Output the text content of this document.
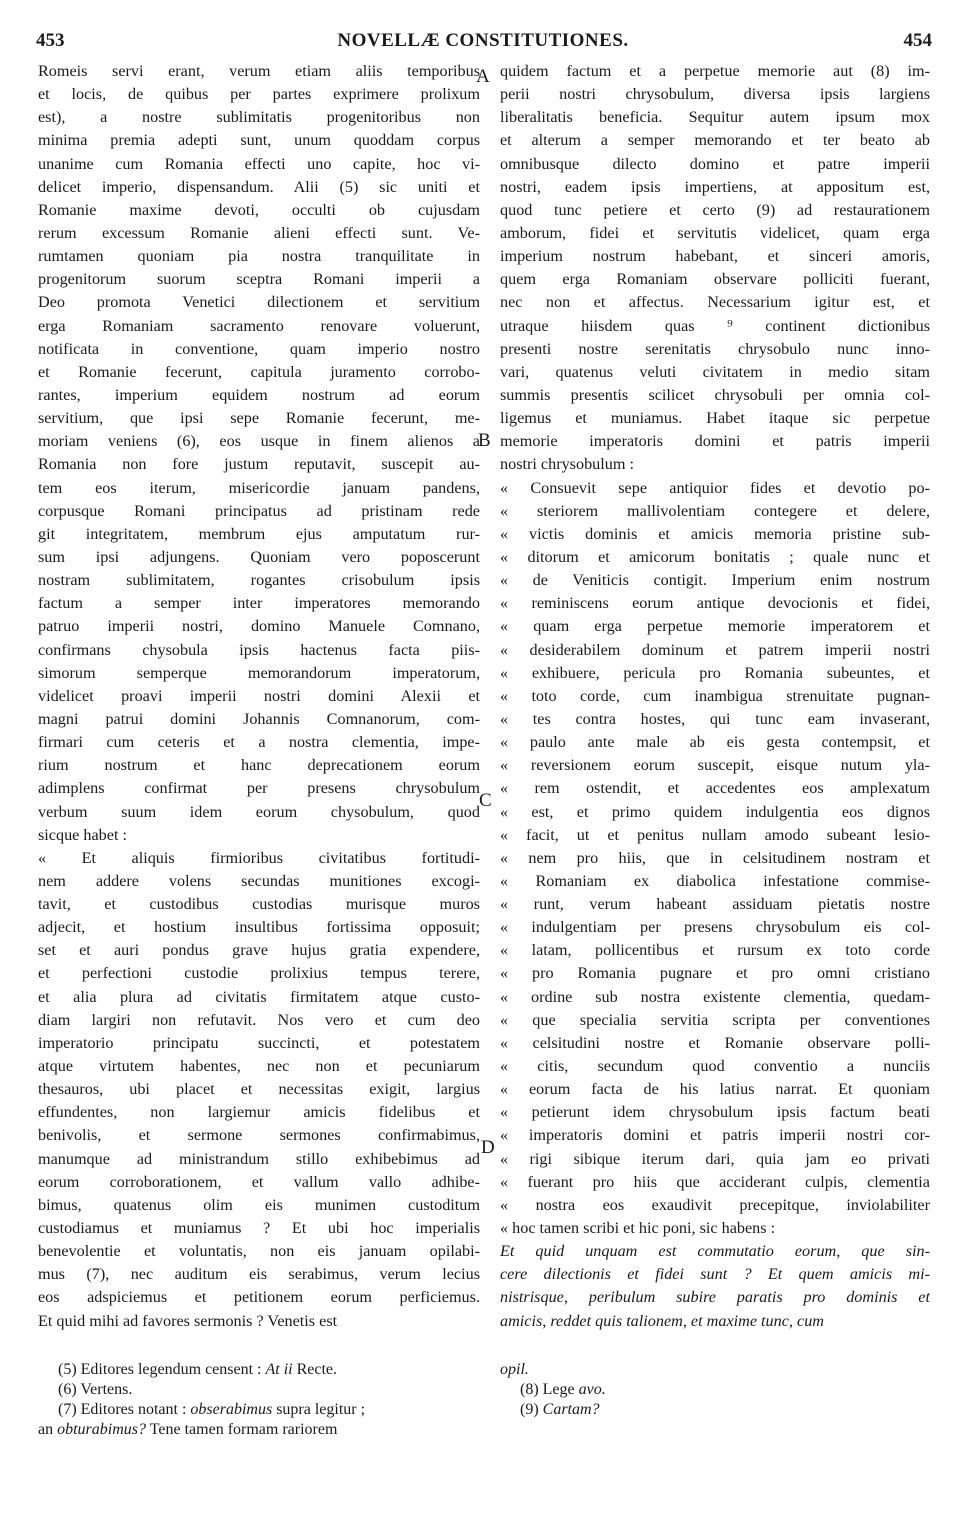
453	NOVELLÆ CONSTITUTIONES.	454
Romeis servi erant, verum etiam aliis temporibus
et locis, de quibus per partes exprimere prolixum
est), a nostre sublimitatis progenitoribus non
minima premia adepti sunt, unum quoddam corpus
unanime cum Romania effecti uno capite, hoc vi-
delicet imperio, dispensandum. Alii (5) sic uniti et
Romanie maxime devoti, occulti ob cujusdam
rerum excessum Romanie alieni effecti sunt. Ve-
rumtamen quoniam pia nostra tranquilitate in
progenitorum suorum sceptra Romani imperii a
Deo promota Venetici dilectionem et servitium
erga Romaniam sacramento renovare voluerunt,
notificata in conventione, quam imperio nostro
et Romanie fecerunt, capitula juramento corrobo-
rantes, imperium equidem nostrum ad eorum
servitium, que ipsi sepe Romanie fecerunt, me-
moriam veniens (6), eos usque in finem alienos a
Romania non fore justum reputavit, suscepit au-
tem eos iterum, misericordie januam pandens,
corpusque Romani principatus ad pristinam rede
git integritatem, membrum ejus amputatum rur-
sum ipsi adjungens. Quoniam vero poposcerunt
nostram sublimitatem, rogantes crisobulum ipsis
factum a semper inter imperatores memorando
patruo imperii nostri, domino Manuele Comnano,
confirmans chysobula ipsis hactenus facta piis-
simorum semperque memorandorum imperatorum,
videlicet proavi imperii nostri domini Alexii et
magni patrui domini Johannis Comnanorum, com-
firmari cum ceteris et a nostra clementia, impe-
rium nostrum et hanc deprecationem eorum
adimplens confirmat per presens chrysobulum
verbum suum idem eorum chysobulum, quod
sicque habet :
« Et aliquis firmioribus civitatibus fortitudi-
nem addere volens secundas munitiones excogi-
tavit, et custodibus custodias murisque muros
adjecit, et hostium insultibus fortissima opposuit;
set et auri pondus grave hujus gratia expendere,
et perfectioni custodie prolixius tempus terere,
et alia plura ad civitatis firmitatem atque custo-
diam largiri non refutavit. Nos vero et cum deo
imperatorio principatu succincti, et potestatem
atque virtutem habentes, nec non et pecuniarum
thesauros, ubi placet et necessitas exigit, largius
effundentes, non largiemur amicis fidelibus et
benivolis, et sermone sermones confirmabimus,
manumque ad ministrandum stillo exhibebimus ad
eorum corroborationem, et vallum vallo adhibe-
bimus, quatenus olim eis munimen custoditum
custodiamus et muniamus ? Et ubi hoc imperialis
benevolentie et voluntatis, non eis januam opilabi-
mus (7), nec auditum eis serabimus, verum lecius
eos adspiciemus et petitionem eorum perficiemus.
Et quid mihi ad favores sermonis ? Venetis est
quidem factum et a perpetue memorie aut (8) im-
perii nostri chrysobulum, diversa ipsis largiens
liberalitatis beneficia. Sequitur autem ipsum mox
et alterum a semper memorando et ter beato ab
omnibusque dilecto domino et patre imperii
nostri, eadem ipsis impertiens, at appositum est,
quod tunc petiere et certo (9) ad restaurationem
amborum, fidei et servitutis videlicet, quam erga
imperium nostrum habebant, et sinceri amoris,
quem erga Romaniam observare polliciti fuerant,
nec non et affectus. Necessarium igitur est, et
utraque hiisdem quas ⁹ continent dictionibus
presenti nostre serenitatis chrysobulo nunc inno-
vari, quatenus veluti civitatem in medio sitam
summis presentis scilicet chrysobuli per omnia col-
ligemus et muniamus. Habet itaque sic perpetue
memorie imperatoris domini et patris imperii
nostri chrysobulum :
« Consuevit sepe antiquior fides et devotio po-
« steriorem mallivolentiam contegere et delere,
« victis dominis et amicis memoria pristine sub-
« ditorum et amicorum bonitatis ; quale nunc et
« de Veniticis contigit. Imperium enim nostrum
« reminiscens eorum antique devocionis et fidei,
« quam erga perpetue memorie imperatorem et
« desiderabilem dominum et patrem imperii nostri
« exhibuere, pericula pro Romania subeuntes, et
« toto corde, cum inambigua strenuitate pugnan-
« tes contra hostes, qui tunc eam invaserant,
« paulo ante male ab eis gesta contempsit, et
« reversionem eorum suscepit, eisque nutum yla-
« rem ostendit, et accedentes eos amplexatum
« est, et primo quidem indulgentia eos dignos
« facit, ut et penitus nullam amodo subeant lesio-
« nem pro hiis, que in celsitudinem nostram et
« Romaniam ex diabolica infestatione commise-
« runt, verum habeant assiduam pietatis nostre
« indulgentiam per presens chrysobulum eis col-
« latam, pollicentibus et rursum ex toto corde
« pro Romania pugnare et pro omni cristiano
« ordine sub nostra existente clementia, quedam-
« que specialia servitia scripta per conventiones
« celsitudini nostre et Romanie observare polli-
« citis, secundum quod conventio a nunciis
« eorum facta de his latius narrat. Et quoniam
« petierunt idem chrysobulum ipsis factum beati
« imperatoris domini et patris imperii nostri cor-
« rigi sibique iterum dari, quia jam eo privati
« fuerant pro hiis que acciderant culpis, clementia
« nostra eos exaudivit precepitque, inviolabiliter
« hoc tamen scribi et hic poni, sic habens :
Et quid unquam est commutatio eorum, que sin-
cere dilectionis et fidei sunt ? Et quem amicis mi-
nistrisque, peribulum subire paratis pro dominis et
amicis, reddet quis talionem, et maxime tunc, cum
A
B
C
D
(5) Editores legendum censent : At ii Recte.
(6) Vertens.
(7) Editores notant : obserabimus supra legitur ;
an obturabimus? Tene tamen formam rariorem
opil.
(8) Lege avo.
(9) Cartam?
